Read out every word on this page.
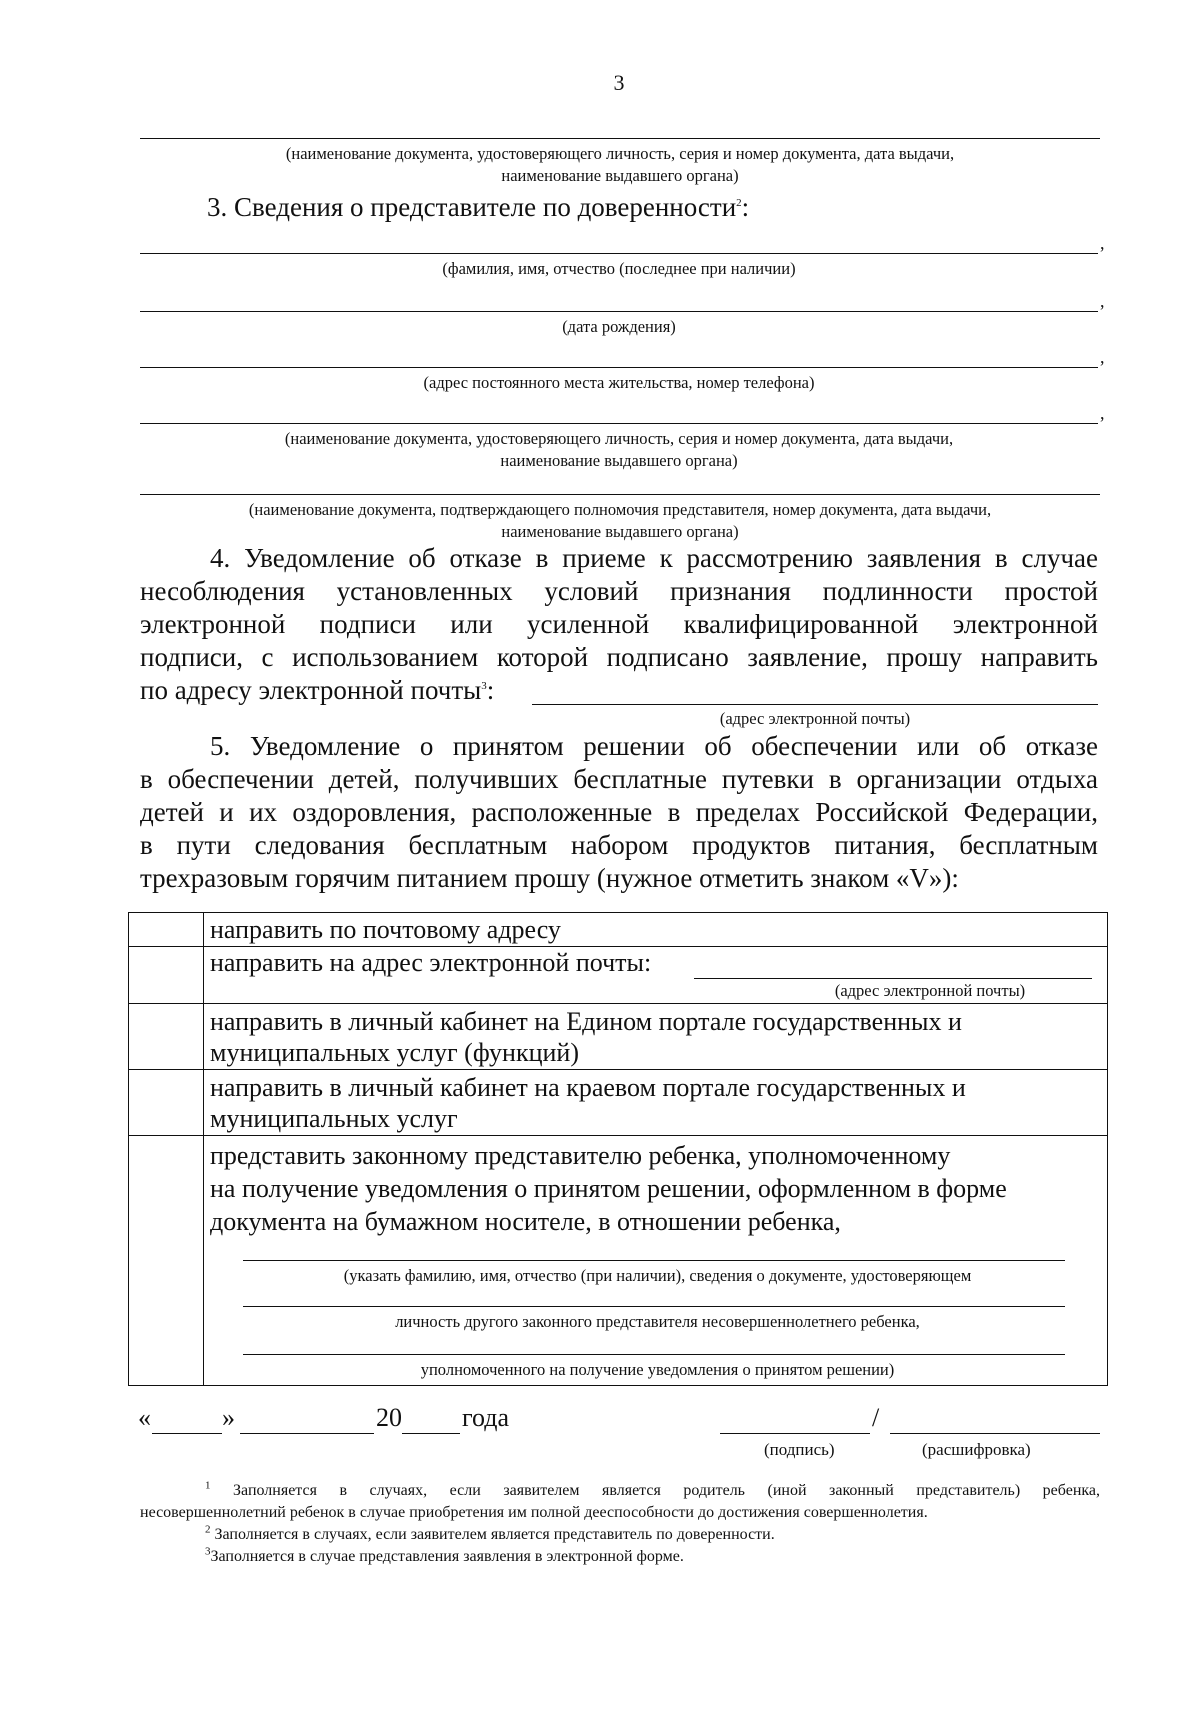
3
(наименование документа, удостоверяющего личность, серия и номер документа, дата выдачи,
наименование выдавшего органа)
3. Сведения о представителе по доверенности$^2$:
,
(фамилия, имя, отчество (последнее при наличии)
,
(дата рождения)
,
(адрес постоянного места жительства, номер телефона)
,
(наименование документа, удостоверяющего личность, серия и номер документа, дата выдачи,
наименование выдавшего органа)
(наименование документа, подтверждающего полномочия представителя, номер документа, дата выдачи,
наименование выдавшего органа)
4. Уведомление об отказе в приеме к рассмотрению заявления в случае
несоблюдения установленных условий признания подлинности простой
электронной подписи или усиленной квалифицированной электронной
подписи, с использованием которой подписано заявление, прошу направить
по адресу электронной почты$^3$:
(адрес электронной почты)
5. Уведомление о принятом решении об обеспечении или об отказе
в обеспечении детей, получивших бесплатные путевки в организации отдыха
детей и их оздоровления, расположенные в пределах Российской Федерации,
в пути следования бесплатным набором продуктов питания, бесплатным
трехразовым горячим питанием прошу (нужное отметить знаком «V»):
направить по почтовому адресу
направить на адрес электронной почты:
(адрес электронной почты)
направить в личный кабинет на Едином портале государственных и
муниципальных услуг (функций)
направить в личный кабинет на краевом портале государственных и
муниципальных услуг
представить законному представителю ребенка, уполномоченному
на получение уведомления о принятом решении, оформленном в форме
документа на бумажном носителе, в отношении ребенка,
(указать фамилию, имя, отчество (при наличии), сведения о документе, удостоверяющем
личность другого законного представителя несовершеннолетнего ребенка,
уполномоченного на получение уведомления о принятом решении)
«	»	20 года	/
(подпись)	(расшифровка)
$^1$ Заполняется в случаях, если заявителем является родитель (иной законный представитель) ребенка,
несовершеннолетний ребенок в случае приобретения им полной дееспособности до достижения совершеннолетия.
$^2$ Заполняется в случаях, если заявителем является представитель по доверенности.
$^3$Заполняется в случае представления заявления в электронной форме.
